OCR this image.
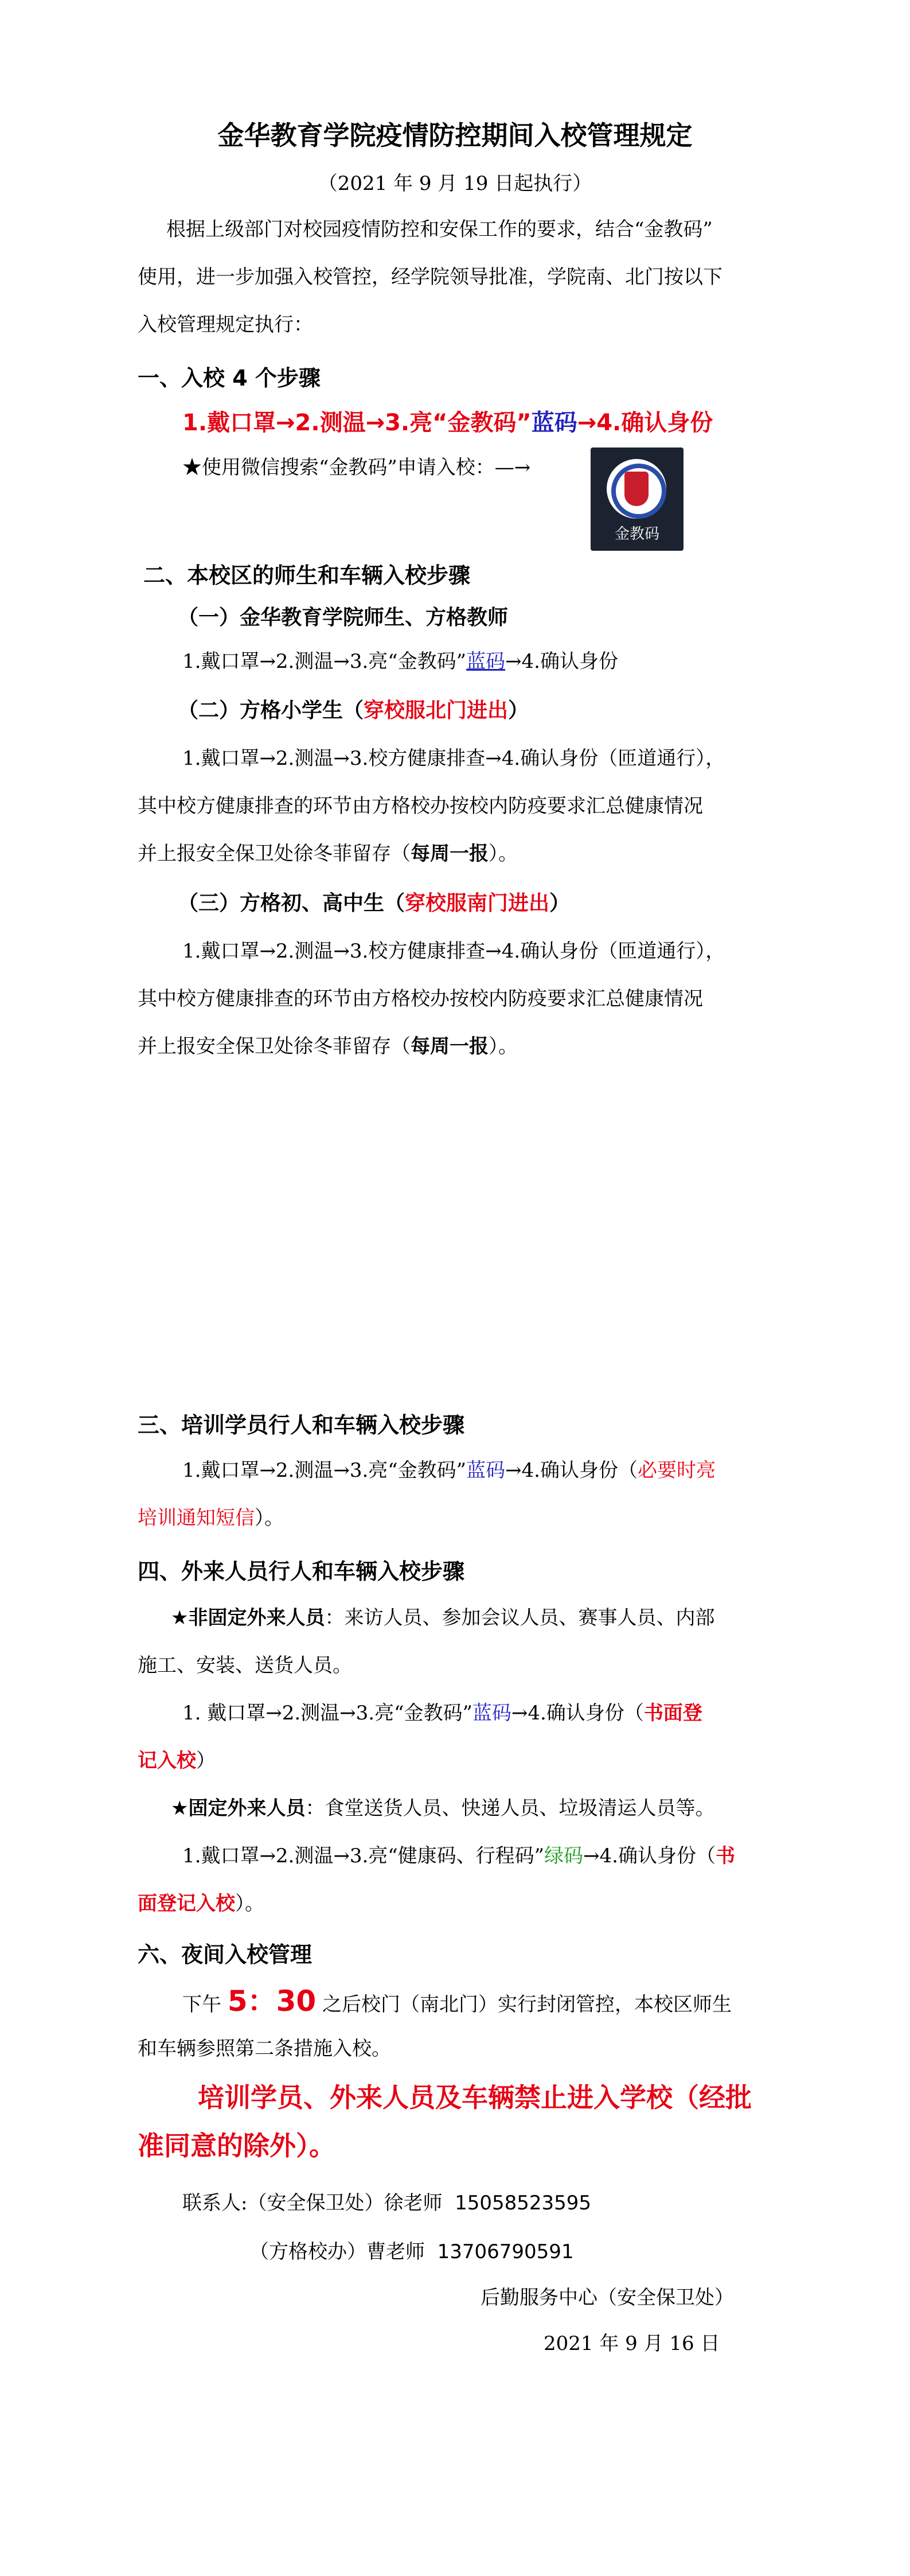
金华教育学院疫情防控期间入校管理规定
（2021 年 9 月 19 日起执行）
根据上级部门对校园疫情防控和安保工作的要求，结合“金教码”
使用，进一步加强入校管控，经学院领导批准，学院南、北门按以下
入校管理规定执行：
一、入校 4 个步骤
1.戴口罩→2.测温→3.亮“金教码”蓝码→4.确认身份
★使用微信搜索“金教码”申请入校：—→
金教码
二、本校区的师生和车辆入校步骤
（一）金华教育学院师生、方格教师
1.戴口罩→2.测温→3.亮“金教码”蓝码→4.确认身份
（二）方格小学生（穿校服北门进出）
1.戴口罩→2.测温→3.校方健康排查→4.确认身份（匝道通行），
其中校方健康排查的环节由方格校办按校内防疫要求汇总健康情况
并上报安全保卫处徐冬菲留存（每周一报）。
（三）方格初、高中生（穿校服南门进出）
1.戴口罩→2.测温→3.校方健康排查→4.确认身份（匝道通行），
其中校方健康排查的环节由方格校办按校内防疫要求汇总健康情况
并上报安全保卫处徐冬菲留存（每周一报）。
三、培训学员行人和车辆入校步骤
1.戴口罩→2.测温→3.亮“金教码”蓝码→4.确认身份（必要时亮
培训通知短信）。
四、外来人员行人和车辆入校步骤
★非固定外来人员：来访人员、参加会议人员、赛事人员、内部
施工、安装、送货人员。
1. 戴口罩→2.测温→3.亮“金教码”蓝码→4.确认身份（书面登
记入校）
★固定外来人员：食堂送货人员、快递人员、垃圾清运人员等。
1.戴口罩→2.测温→3.亮“健康码、行程码”绿码→4.确认身份（书
面登记入校）。
六、夜间入校管理
下午 5：30 之后校门（南北门）实行封闭管控，本校区师生
和车辆参照第二条措施入校。
培训学员、外来人员及车辆禁止进入学校（经批
准同意的除外）。
联系人:（安全保卫处）徐老师 15058523595
（方格校办）曹老师 13706790591
后勤服务中心（安全保卫处）
2021 年 9 月 16 日
